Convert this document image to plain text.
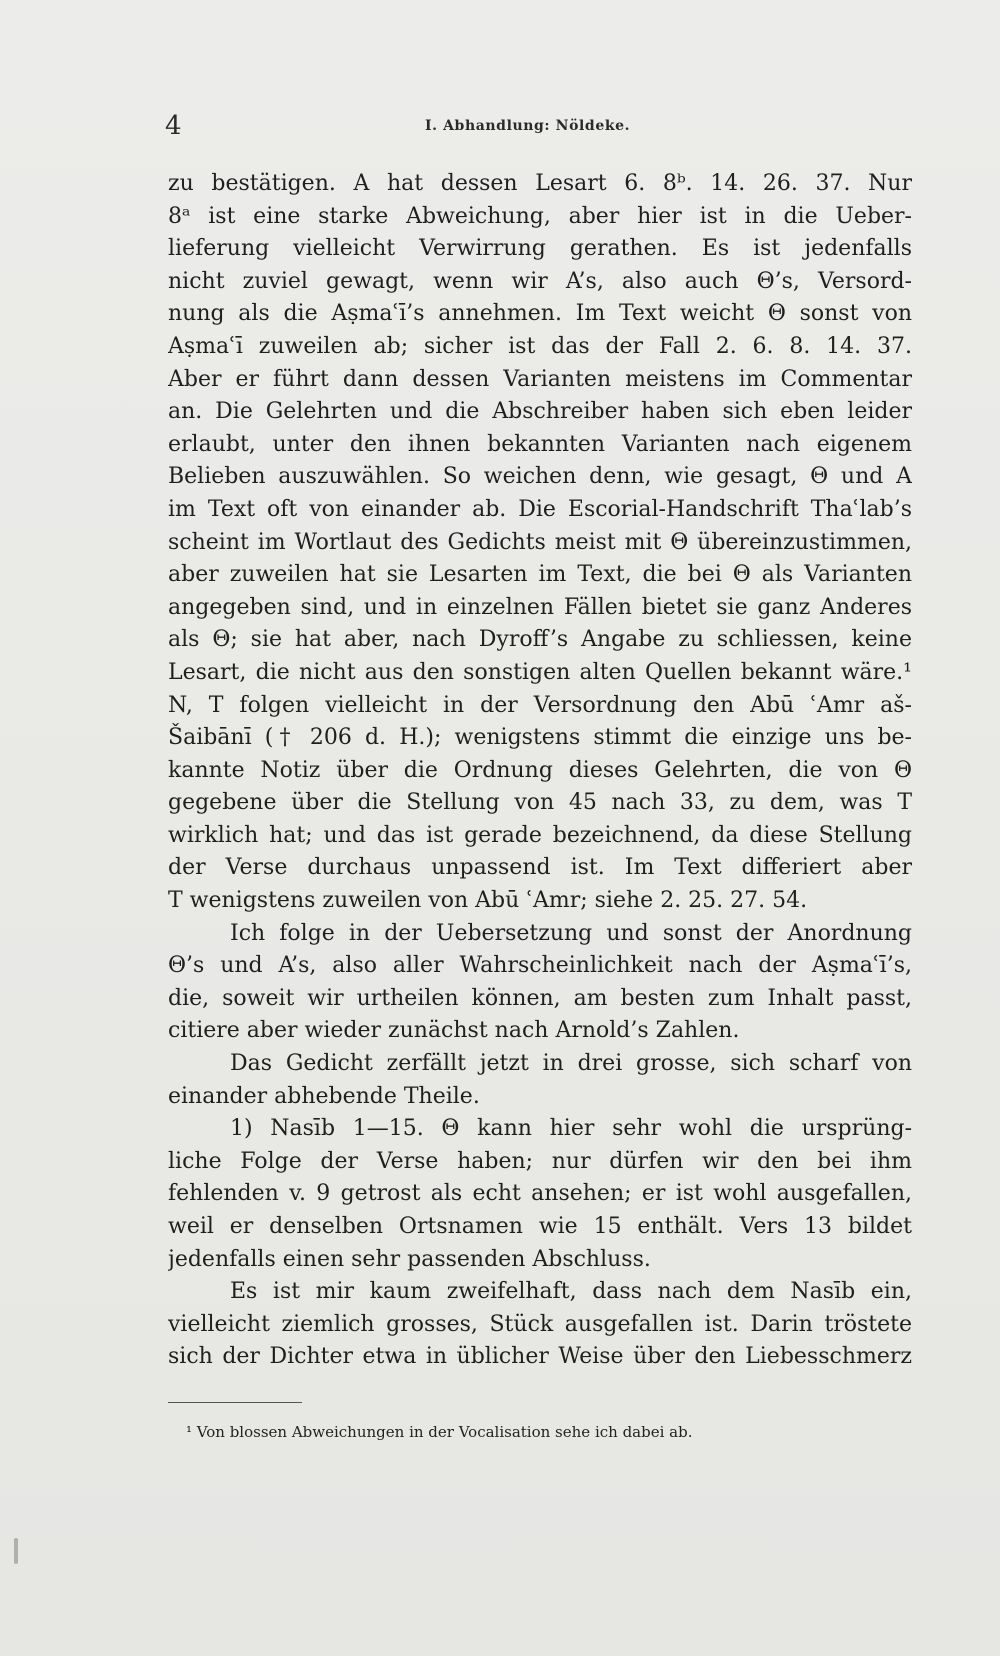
4	I. Abhandlung: Nöldeke.
zu bestätigen. A hat dessen Lesart 6. 8ᵇ. 14. 26. 37. Nur
8ᵃ ist eine starke Abweichung, aber hier ist in die Ueber-
lieferung vielleicht Verwirrung gerathen. Es ist jedenfalls
nicht zuviel gewagt, wenn wir A’s, also auch Θ’s, Versord-
nung als die Aṣmaʿī’s annehmen. Im Text weicht Θ sonst von
Aṣmaʿī zuweilen ab; sicher ist das der Fall 2. 6. 8. 14. 37.
Aber er führt dann dessen Varianten meistens im Commentar
an. Die Gelehrten und die Abschreiber haben sich eben leider
erlaubt, unter den ihnen bekannten Varianten nach eigenem
Belieben auszuwählen. So weichen denn, wie gesagt, Θ und A
im Text oft von einander ab. Die Escorial-Handschrift Thaʿlab’s
scheint im Wortlaut des Gedichts meist mit Θ übereinzustimmen,
aber zuweilen hat sie Lesarten im Text, die bei Θ als Varianten
angegeben sind, und in einzelnen Fällen bietet sie ganz Anderes
als Θ; sie hat aber, nach Dyroff’s Angabe zu schliessen, keine
Lesart, die nicht aus den sonstigen alten Quellen bekannt wäre.¹
N, T folgen vielleicht in der Versordnung den Abū ʿAmr aš-
Šaibānī († 206 d. H.); wenigstens stimmt die einzige uns be-
kannte Notiz über die Ordnung dieses Gelehrten, die von Θ
gegebene über die Stellung von 45 nach 33, zu dem, was T
wirklich hat; und das ist gerade bezeichnend, da diese Stellung
der Verse durchaus unpassend ist. Im Text differiert aber
T wenigstens zuweilen von Abū ʿAmr; siehe 2. 25. 27. 54.
Ich folge in der Uebersetzung und sonst der Anordnung
Θ’s und A’s, also aller Wahrscheinlichkeit nach der Aṣmaʿī’s,
die, soweit wir urtheilen können, am besten zum Inhalt passt,
citiere aber wieder zunächst nach Arnold’s Zahlen.
Das Gedicht zerfällt jetzt in drei grosse, sich scharf von
einander abhebende Theile.
1) Nasīb 1—15. Θ kann hier sehr wohl die ursprüng-
liche Folge der Verse haben; nur dürfen wir den bei ihm
fehlenden v. 9 getrost als echt ansehen; er ist wohl ausgefallen,
weil er denselben Ortsnamen wie 15 enthält. Vers 13 bildet
jedenfalls einen sehr passenden Abschluss.
Es ist mir kaum zweifelhaft, dass nach dem Nasīb ein,
vielleicht ziemlich grosses, Stück ausgefallen ist. Darin tröstete
sich der Dichter etwa in üblicher Weise über den Liebesschmerz
¹ Von blossen Abweichungen in der Vocalisation sehe ich dabei ab.
